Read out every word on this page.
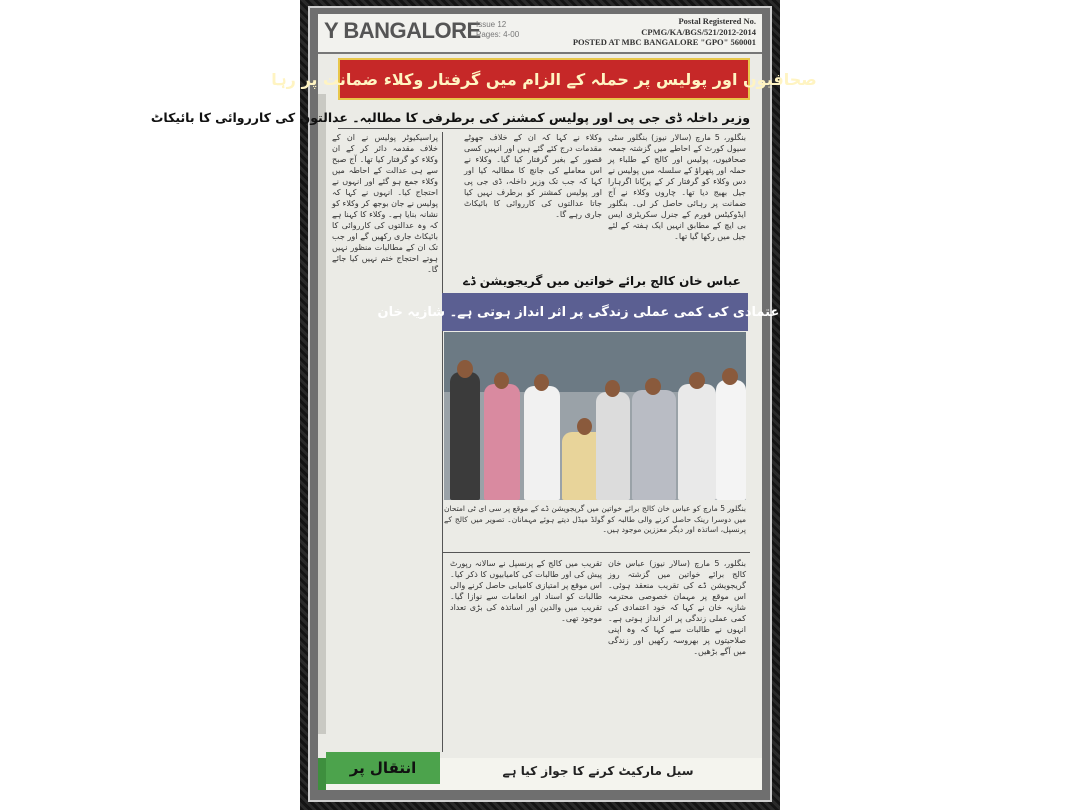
Y BANGALORE
Issue 12
Pages: 4-00
Postal Registered No.
CPMG/KA/BGS/521/2012-2014
POSTED AT MBC BANGALORE "GPO" 560001
صحافیوں اور پولیس پر حملہ کے الزام میں گرفتار وکلاء ضمانت پر رہا
وزیر داخلہ ڈی جی پی اور پولیس کمشنر کی برطرفی کا مطالبہ۔ عدالتوں کی کارروائی کا بائیکاٹ
بنگلور، 5 مارچ (سالار نیوز) بنگلور سٹی سیول کورٹ کے احاطے میں گزشتہ جمعہ صحافیوں، پولیس اور کالج کے طلباء پر حملہ اور پتھراؤ کے سلسلہ میں پولیس نے دس وکلاء کو گرفتار کر کے پرپّانا اگرہارا جیل بھیج دیا تھا۔ چاروں وکلاء نے آج ضمانت پر رہائی حاصل کر لی۔ بنگلور ایڈوکیٹس فورم کے جنرل سکریٹری ایس بی ایچ کے مطابق انہیں ایک ہفتہ کے لئے جیل میں رکھا گیا تھا۔
وکلاء نے کہا کہ ان کے خلاف جھوٹے مقدمات درج کئے گئے ہیں اور انہیں کسی قصور کے بغیر گرفتار کیا گیا۔ وکلاء نے اس معاملے کی جانچ کا مطالبہ کیا اور کہا کہ جب تک وزیر داخلہ، ڈی جی پی اور پولیس کمشنر کو برطرف نہیں کیا جاتا عدالتوں کی کارروائی کا بائیکاٹ جاری رہے گا۔
پراسیکیوٹر پولیس نے ان کے خلاف مقدمہ دائر کر کے ان وکلاء کو گرفتار کیا تھا۔ آج صبح سے ہی عدالت کے احاطہ میں وکلاء جمع ہو گئے اور انہوں نے احتجاج کیا۔ انہوں نے کہا کہ پولیس نے جان بوجھ کر وکلاء کو نشانہ بنایا ہے۔ وکلاء کا کہنا ہے کہ وہ عدالتوں کی کارروائی کا بائیکاٹ جاری رکھیں گے اور جب تک ان کے مطالبات منظور نہیں ہوتے احتجاج ختم نہیں کیا جائے گا۔
عباس خان کالج برائے خواتین میں گریجویشن ڈے
خود اعتمادی کی کمی عملی زندگی پر اثر انداز ہوتی ہے۔ شازیہ خان
بنگلور 5 مارچ کو عباس خان کالج برائے خواتین میں گریجویشن ڈے کے موقع پر سی ای ٹی امتحان میں دوسرا رینک حاصل کرنے والی طالبہ کو گولڈ میڈل دیتے ہوئے مہمانان۔ تصویر میں کالج کے پرنسپل، اساتذہ اور دیگر معززین موجود ہیں۔
بنگلور، 5 مارچ (سالار نیوز) عباس خان کالج برائے خواتین میں گزشتہ روز گریجویشن ڈے کی تقریب منعقد ہوئی۔ اس موقع پر مہمان خصوصی محترمہ شازیہ خان نے کہا کہ خود اعتمادی کی کمی عملی زندگی پر اثر انداز ہوتی ہے۔ انہوں نے طالبات سے کہا کہ وہ اپنی صلاحیتوں پر بھروسہ رکھیں اور زندگی میں آگے بڑھیں۔
تقریب میں کالج کے پرنسپل نے سالانہ رپورٹ پیش کی اور طالبات کی کامیابیوں کا ذکر کیا۔ اس موقع پر امتیازی کامیابی حاصل کرنے والی طالبات کو اسناد اور انعامات سے نوازا گیا۔ تقریب میں والدین اور اساتذہ کی بڑی تعداد موجود تھی۔
انتقال پر	سیل مارکیٹ کرنے کا جواز کیا ہے
